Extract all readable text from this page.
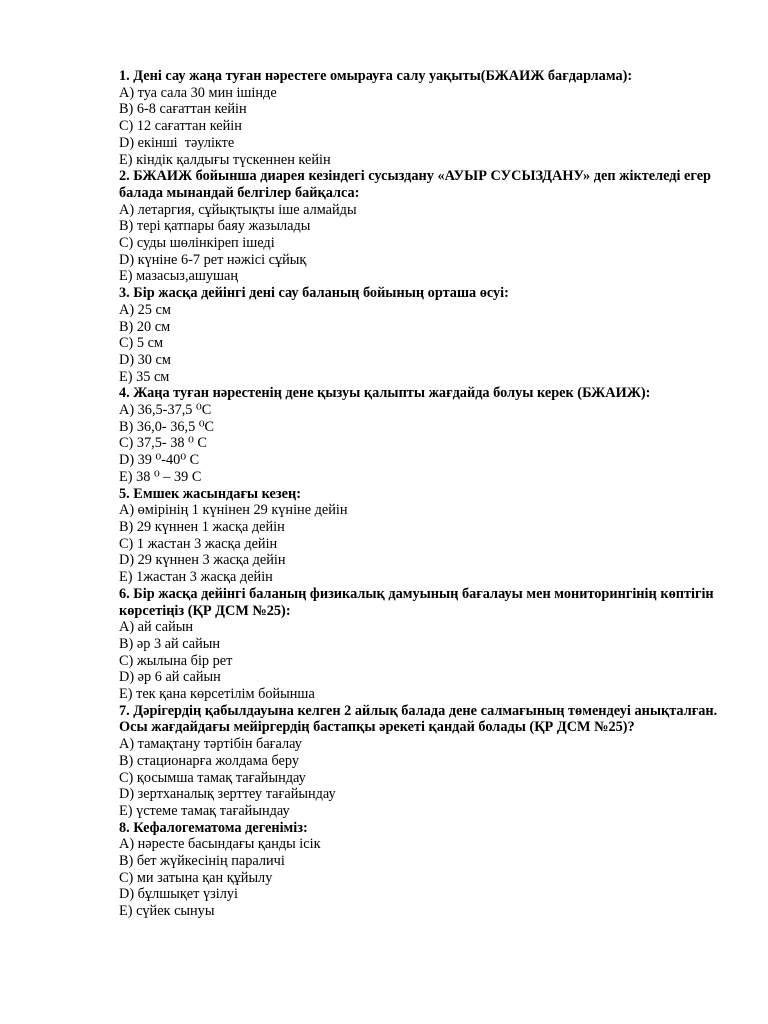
1. Дені сау жаңа туған нәрестеге омырауға салу уақыты(БЖАИЖ бағдарлама):

А) туа сала 30 мин ішінде

В) 6-8 сағаттан кейін

С) 12 сағаттан кейін

D) екінші  тәулікте

Е) кіндік қалдығы түскеннен кейін

2. БЖАИЖ бойынша диарея кезіндегі сусыздану «АУЫР СУСЫЗДАНУ» деп жіктеледі егер балада мынандай белгілер байқалса:

А) летаргия, сұйықтықты іше алмайды

В) тері қатпары баяу жазылады

С) суды шөлінкіреп ішеді

D) күніне 6-7 рет нәжісі сұйық

Е) мазасыз,ашушаң

3. Бір жасқа дейінгі дені сау баланың бойының орташа өсуі:

А) 25 см

В) 20 см

С) 5 см

D) 30 см

Е) 35 см

4. Жаңа туған нәрестенің дене қызуы қалыпты жағдайда болуы керек (БЖАИЖ):

А) 36,5-37,5 ⁰С

В) 36,0- 36,5 ⁰С

С) 37,5- 38 ⁰ С

D) 39 ⁰-40⁰ С

Е) 38 ⁰ – 39 С

5. Емшек жасындағы кезең:

А) өмірінің 1 күнінен 29 күніне дейін

В) 29 күннен 1 жасқа дейін

С) 1 жастан 3 жасқа дейін

D) 29 күннен 3 жасқа дейін

Е) 1жастан 3 жасқа дейін

6. Бір жасқа дейінгі баланың физикалық дамуының бағалауы мен мониторингінің көптігін көрсетіңіз (ҚР ДСМ №25):

А) ай сайын

В) әр 3 ай сайын

С) жылына бір рет

D) әр 6 ай сайын

Е) тек қана көрсетілім бойынша

7. Дәрігердің қабылдауына келген 2 айлық балада дене салмағының төмендеуі анықталған. Осы жағдайдағы мейіргердің бастапқы әрекеті қандай болады (ҚР ДСМ №25)?

А) тамақтану тәртібін бағалау

В) стационарға жолдама беру

С) қосымша тамақ тағайындау

D) зертханалық зерттеу тағайындау

Е) үстеме тамақ тағайындау

8. Кефалогематома дегеніміз:

А) нәресте басындағы қанды ісік

В) бет жүйкесінің параличі

С) ми затына қан құйылу

D) бұлшықет үзілуі

Е) сүйек сынуы
